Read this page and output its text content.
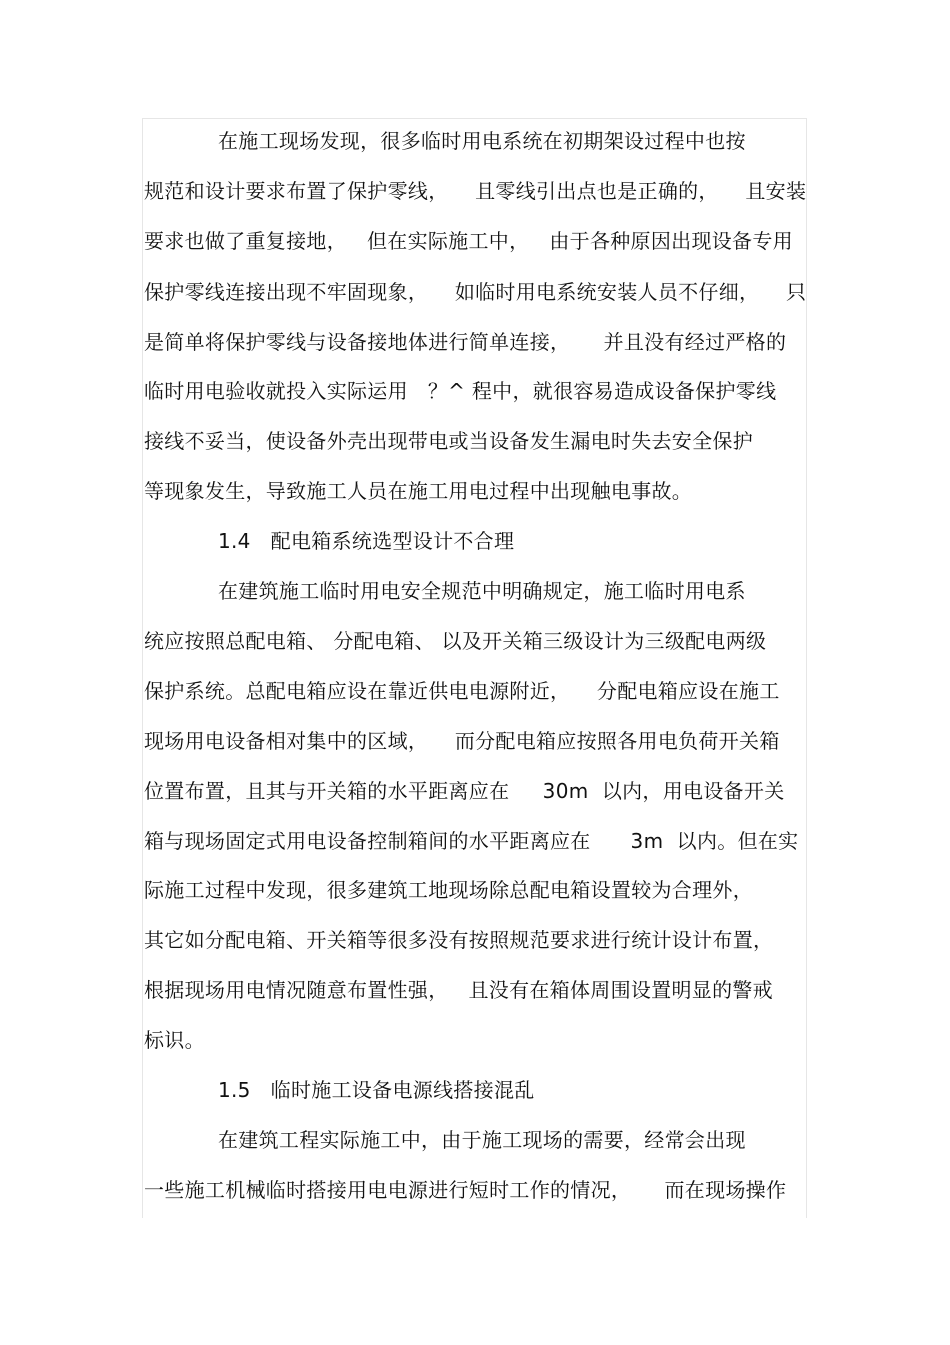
在施工现场发现，很多临时用电系统在初期架设过程中也按
规范和设计要求布置了保护零线，    且零线引出点也是正确的，    且安装
要求也做了重复接地，   但在实际施工中，   由于各种原因出现设备专用
保护零线连接出现不牢固现象，    如临时用电系统安装人员不仔细，    只
是简单将保护零线与设备接地体进行简单连接，     并且没有经过严格的
临时用电验收就投入实际运用   ？^ 程中，就很容易造成设备保护零线
接线不妥当，使设备外壳出现带电或当设备发生漏电时失去安全保护
等现象发生，导致施工人员在施工用电过程中出现触电事故。
1.4   配电箱系统选型设计不合理
在建筑施工临时用电安全规范中明确规定，施工临时用电系
统应按照总配电箱、 分配电箱、 以及开关箱三级设计为三级配电两级
保护系统。总配电箱应设在靠近供电电源附近，    分配电箱应设在施工
现场用电设备相对集中的区域，    而分配电箱应按照各用电负荷开关箱
位置布置，且其与开关箱的水平距离应在     30m  以内，用电设备开关
箱与现场固定式用电设备控制箱间的水平距离应在      3m  以内。但在实
际施工过程中发现，很多建筑工地现场除总配电箱设置较为合理外，
其它如分配电箱、开关箱等很多没有按照规范要求进行统计设计布置，
根据现场用电情况随意布置性强，   且没有在箱体周围设置明显的警戒
标识。
1.5   临时施工设备电源线搭接混乱
在建筑工程实际施工中，由于施工现场的需要，经常会出现
一些施工机械临时搭接用电电源进行短时工作的情况，     而在现场操作
